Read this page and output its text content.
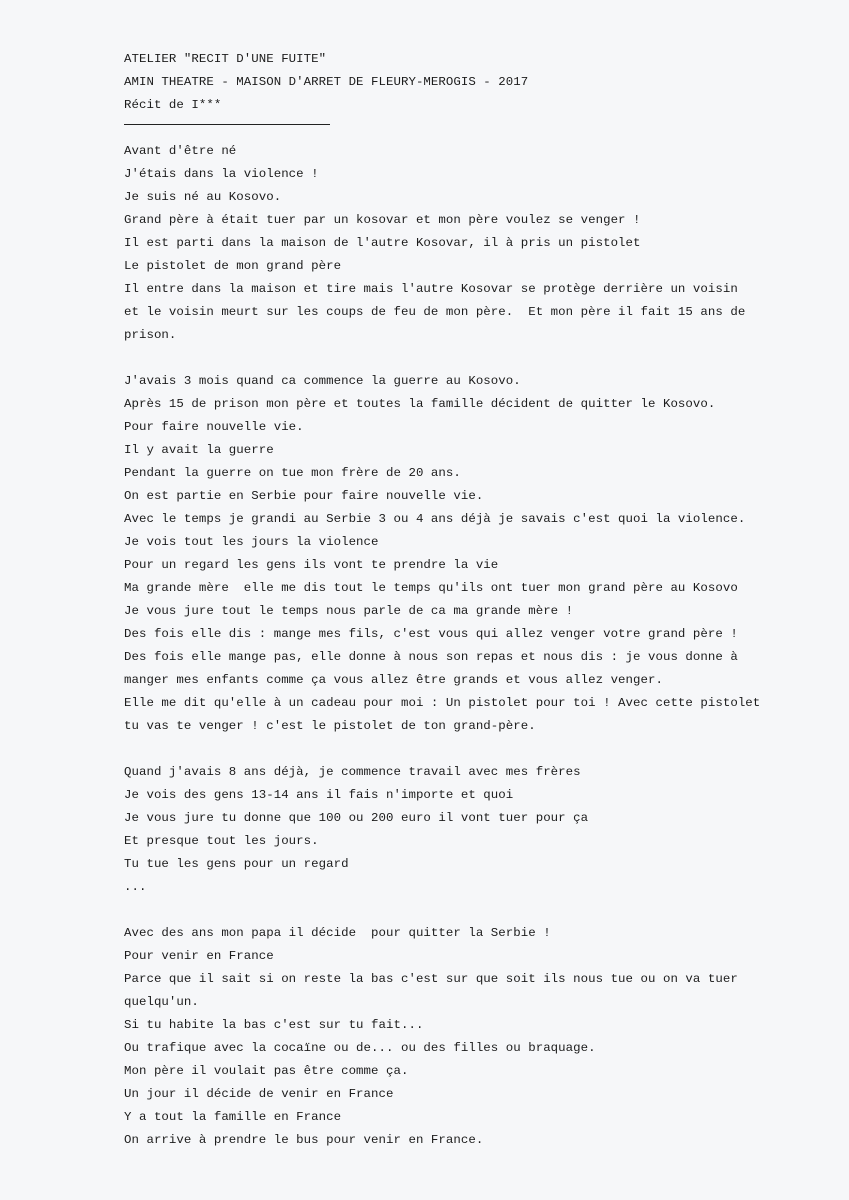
ATELIER "RECIT D'UNE FUITE"
AMIN THEATRE - MAISON D'ARRET DE FLEURY-MEROGIS - 2017
Récit de I***
Avant d'être né
J'étais dans la violence !
Je suis né au Kosovo.
Grand père à était tuer par un kosovar et mon père voulez se venger !
Il est parti dans la maison de l'autre Kosovar, il à pris un pistolet
Le pistolet de mon grand père
Il entre dans la maison et tire mais l'autre Kosovar se protège derrière un voisin
et le voisin meurt sur les coups de feu de mon père.  Et mon père il fait 15 ans de
prison.
J'avais 3 mois quand ca commence la guerre au Kosovo.
Après 15 de prison mon père et toutes la famille décident de quitter le Kosovo.
Pour faire nouvelle vie.
Il y avait la guerre
Pendant la guerre on tue mon frère de 20 ans.
On est partie en Serbie pour faire nouvelle vie.
Avec le temps je grandi au Serbie 3 ou 4 ans déjà je savais c'est quoi la violence.
Je vois tout les jours la violence
Pour un regard les gens ils vont te prendre la vie
Ma grande mère  elle me dis tout le temps qu'ils ont tuer mon grand père au Kosovo
Je vous jure tout le temps nous parle de ca ma grande mère !
Des fois elle dis : mange mes fils, c'est vous qui allez venger votre grand père !
Des fois elle mange pas, elle donne à nous son repas et nous dis : je vous donne à
manger mes enfants comme ça vous allez être grands et vous allez venger.
Elle me dit qu'elle à un cadeau pour moi : Un pistolet pour toi ! Avec cette pistolet
tu vas te venger ! c'est le pistolet de ton grand-père.
Quand j'avais 8 ans déjà, je commence travail avec mes frères
Je vois des gens 13-14 ans il fais n'importe et quoi
Je vous jure tu donne que 100 ou 200 euro il vont tuer pour ça
Et presque tout les jours.
Tu tue les gens pour un regard
...
Avec des ans mon papa il décide  pour quitter la Serbie !
Pour venir en France
Parce que il sait si on reste la bas c'est sur que soit ils nous tue ou on va tuer
quelqu'un.
Si tu habite la bas c'est sur tu fait...
Ou trafique avec la cocaïne ou de... ou des filles ou braquage.
Mon père il voulait pas être comme ça.
Un jour il décide de venir en France
Y a tout la famille en France
On arrive à prendre le bus pour venir en France.
